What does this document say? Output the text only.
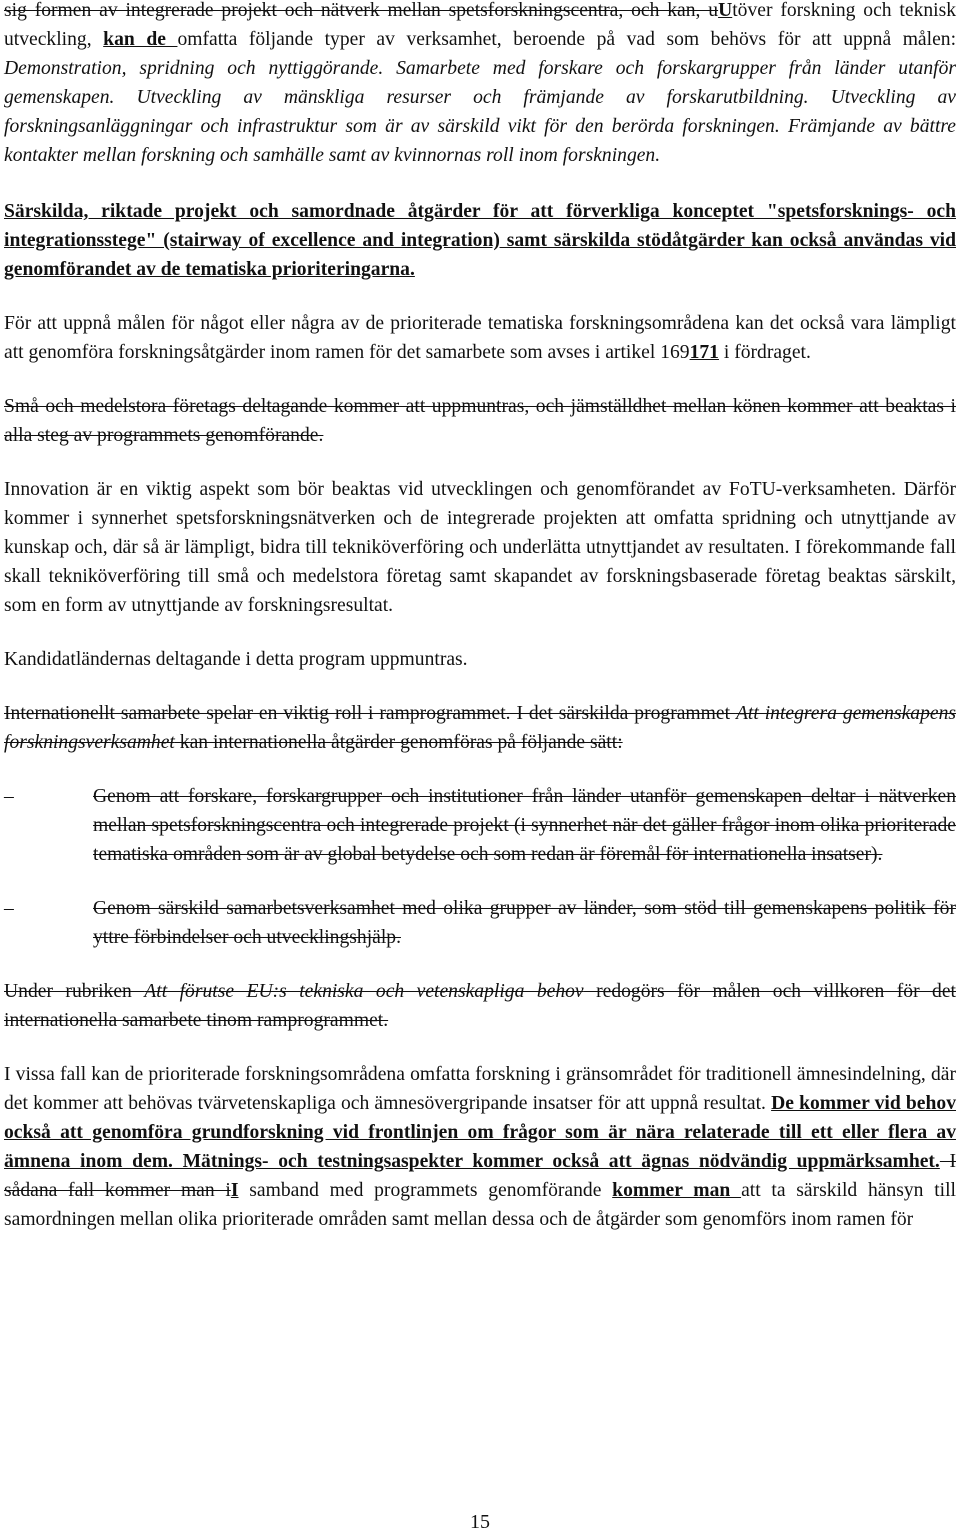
sig formen av integrerade projekt och nätverk mellan spetsforskningscentra, och kan, uUtöver forskning och teknisk utveckling, kan de omfatta följande typer av verksamhet, beroende på vad som behövs för att uppnå målen: Demonstration, spridning och nyttiggörande. Samarbete med forskare och forskargrupper från länder utanför gemenskapen. Utveckling av mänskliga resurser och främjande av forskarutbildning. Utveckling av forskningsanläggningar och infrastruktur som är av särskild vikt för den berörda forskningen. Främjande av bättre kontakter mellan forskning och samhälle samt av kvinnornas roll inom forskningen.

Särskilda, riktade projekt och samordnade åtgärder för att förverkliga konceptet "spetsforsknings- och integrationsstege" (stairway of excellence and integration) samt särskilda stödåtgärder kan också användas vid genomförandet av de tematiska prioriteringarna.

För att uppnå målen för något eller några av de prioriterade tematiska forskningsområdena kan det också vara lämpligt att genomföra forskningsåtgärder inom ramen för det samarbete som avses i artikel 169171 i fördraget.

Små och medelstora företags deltagande kommer att uppmuntras, och jämställdhet mellan könen kommer att beaktas i alla steg av programmets genomförande.

Innovation är en viktig aspekt som bör beaktas vid utvecklingen och genomförandet av FoTU-verksamheten. Därför kommer i synnerhet spetsforskningsnätverken och de integrerade projekten att omfatta spridning och utnyttjande av kunskap och, där så är lämpligt, bidra till tekniköverföring och underlätta utnyttjandet av resultaten. I förekommande fall skall tekniköverföring till små och medelstora företag samt skapandet av forskningsbaserade företag beaktas särskilt, som en form av utnyttjande av forskningsresultat.

Kandidatländernas deltagande i detta program uppmuntras.

Internationellt samarbete spelar en viktig roll i ramprogrammet. I det särskilda programmet Att integrera gemenskapens forskningsverksamhet kan internationella åtgärder genomföras på följande sätt:

–	Genom att forskare, forskargrupper och institutioner från länder utanför gemenskapen deltar i nätverken mellan spetsforskningscentra och integrerade projekt (i synnerhet när det gäller frågor inom olika prioriterade tematiska områden som är av global betydelse och som redan är föremål för internationella insatser).
–	Genom särskild samarbetsverksamhet med olika grupper av länder, som stöd till gemenskapens politik för yttre förbindelser och utvecklingshjälp.

Under rubriken Att förutse EU:s tekniska och vetenskapliga behov redogörs för målen och villkoren för det internationella samarbete tinom ramprogrammet.

I vissa fall kan de prioriterade forskningsområdena omfatta forskning i gränsområdet för traditionell ämnesindelning, där det kommer att behövas tvärvetenskapliga och ämnesövergripande insatser för att uppnå resultat. De kommer vid behov också att genomföra grundforskning vid frontlinjen om frågor som är nära relaterade till ett eller flera av ämnena inom dem. Mätnings- och testningsaspekter kommer också att ägnas nödvändig uppmärksamhet. I sådana fall kommer man iI samband med programmets genomförande kommer man att ta särskild hänsyn till samordningen mellan olika prioriterade områden samt mellan dessa och de åtgärder som genomförs inom ramen för

15
